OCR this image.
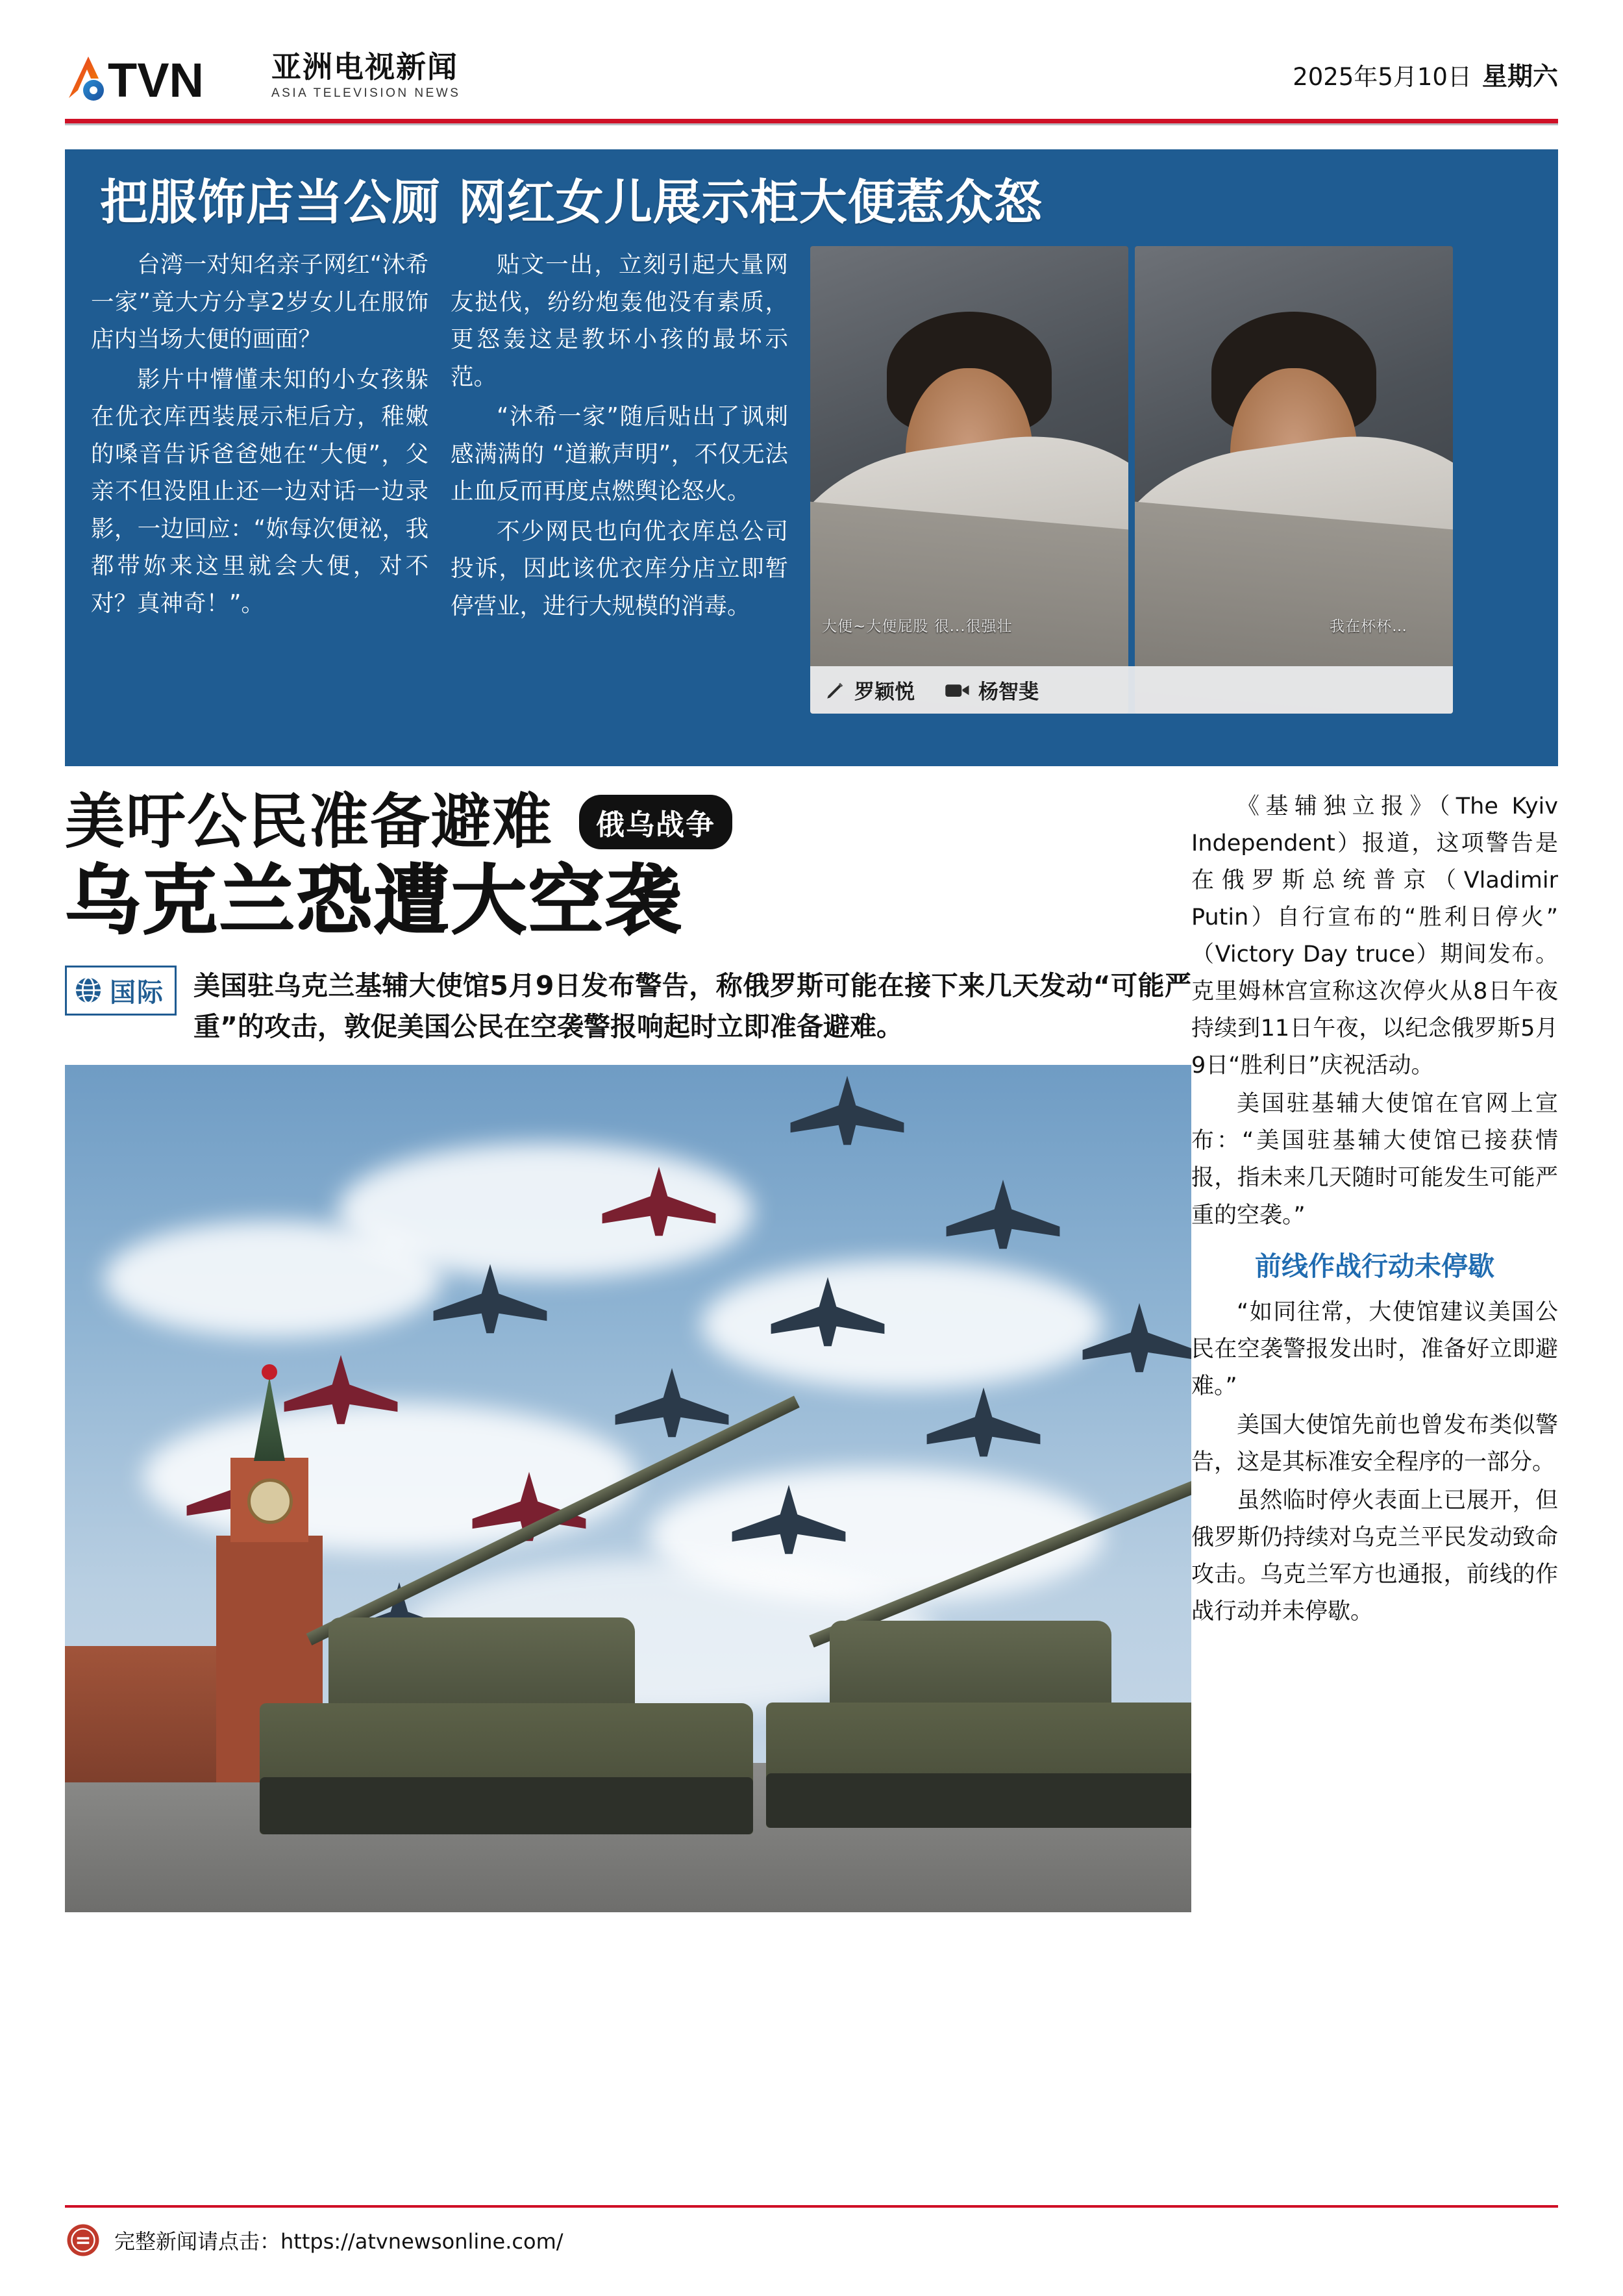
TVN 亚洲电视新闻
ASIA TELEVISION NEWS
2025年5月10日 星期六
把服饰店当公厕 网红女儿展示柜大便惹众怒

台湾一对知名亲子网红“沐希一家”竟大方分享2岁女儿在服饰店内当场大便的画面？

影片中懵懂未知的小女孩躲在优衣库西装展示柜后方，稚嫩的嗓音告诉爸爸她在“大便”，父亲不但没阻止还一边对话一边录影，一边回应：“妳每次便祕，我都带妳来这里就会大便，对不对？真神奇！”。

贴文一出，立刻引起大量网友挞伐，纷纷炮轰他没有素质，更怒轰这是教坏小孩的最坏示范。

“沐希一家”随后贴出了讽刺感满满的 “道歉声明”，不仅无法止血反而再度点燃舆论怒火。

不少网民也向优衣库总公司投诉，因此该优衣库分店立即暂停营业，进行大规模的消毒。

大便~大便屁股 很...很强壮	我在杯杯…
罗颖悦	杨智斐

《基辅独立报》（The Kyiv Independent）报道，这项警告是在俄罗斯总统普京（Vladimir Putin）自行宣布的“胜利日停火”（Victory Day truce）期间发布。克里姆林宫宣称这次停火从8日午夜持续到11日午夜，以纪念俄罗斯5月9日“胜利日”庆祝活动。

美国驻基辅大使馆在官网上宣布：“美国驻基辅大使馆已接获情报，指未来几天随时可能发生可能严重的空袭。”

前线作战行动未停歇

“如同往常，大使馆建议美国公民在空袭警报发出时，准备好立即避难。”

美国大使馆先前也曾发布类似警告，这是其标准安全程序的一部分。

虽然临时停火表面上已展开，但俄罗斯仍持续对乌克兰平民发动致命攻击。乌克兰军方也通报，前线的作战行动并未停歇。

美吁公民准备避难 俄乌战争
乌克兰恐遭大空袭
国际 美国驻乌克兰基辅大使馆5月9日发布警告，称俄罗斯可能在接下来几天发动“可能严重”的攻击，敦促美国公民在空袭警报响起时立即准备避难。
完整新闻请点击：https://atvnewsonline.com/
